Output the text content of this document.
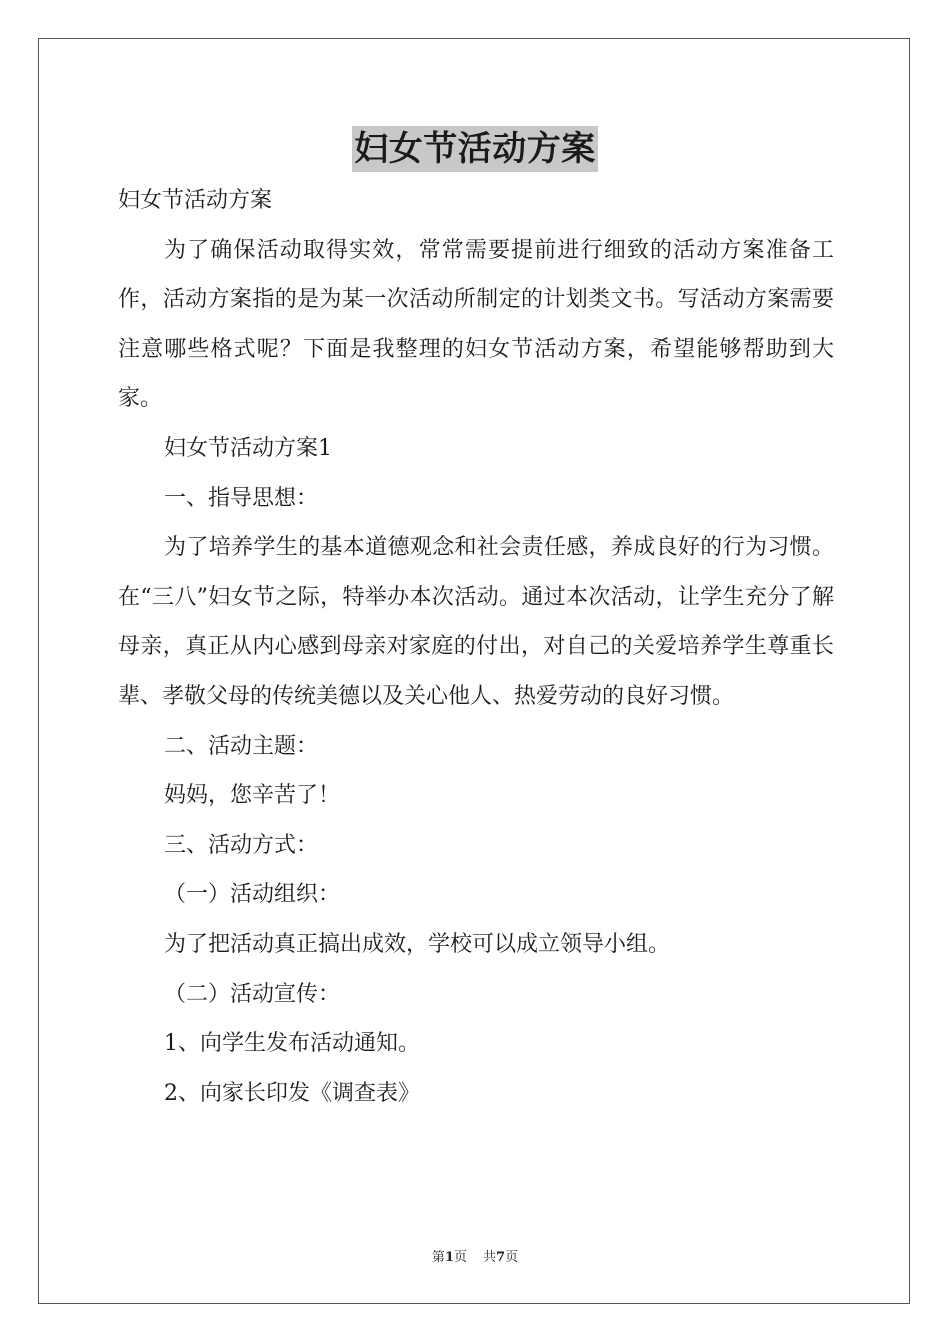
妇女节活动方案

妇女节活动方案

为了确保活动取得实效，常常需要提前进行细致的活动方案准备工作，活动方案指的是为某一次活动所制定的计划类文书。写活动方案需要注意哪些格式呢？下面是我整理的妇女节活动方案，希望能够帮助到大家。

妇女节活动方案1

一、指导思想：

为了培养学生的基本道德观念和社会责任感，养成良好的行为习惯。在“三八”妇女节之际，特举办本次活动。通过本次活动，让学生充分了解母亲，真正从内心感到母亲对家庭的付出，对自己的关爱培养学生尊重长辈、孝敬父母的传统美德以及关心他人、热爱劳动的良好习惯。

二、活动主题：

妈妈，您辛苦了！

三、活动方式：

（一）活动组织：

为了把活动真正搞出成效，学校可以成立领导小组。

（二）活动宣传：

1、向学生发布活动通知。

2、向家长印发《调查表》

第1页 共7页
